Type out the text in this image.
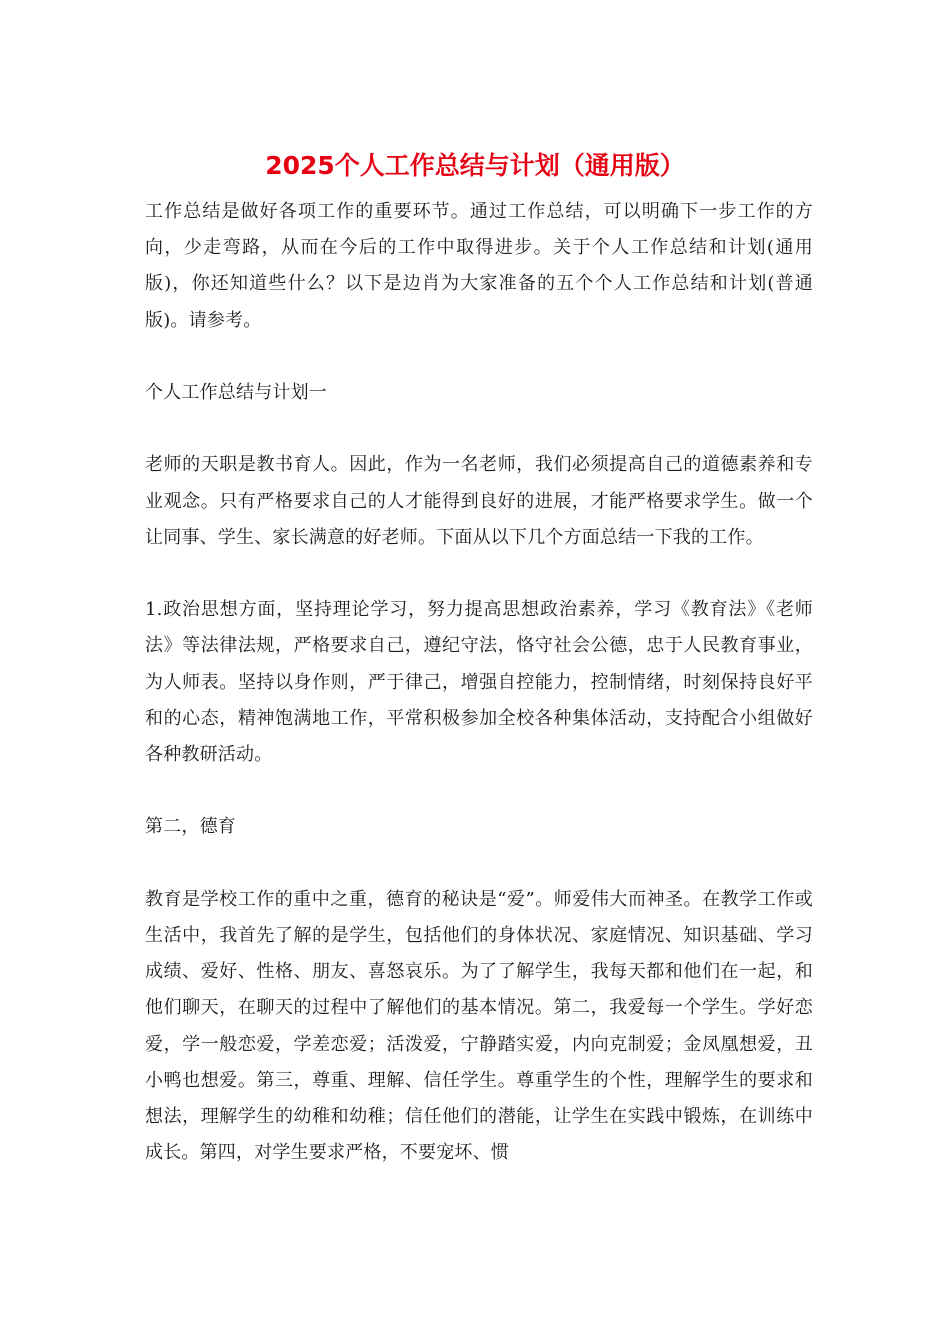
2025个人工作总结与计划（通用版）

工作总结是做好各项工作的重要环节。通过工作总结，可以明确下一步工作的方向，少走弯路，从而在今后的工作中取得进步。关于个人工作总结和计划(通用版)，你还知道些什么？以下是边肖为大家准备的五个个人工作总结和计划(普通版)。请参考。

个人工作总结与计划一

老师的天职是教书育人。因此，作为一名老师，我们必须提高自己的道德素养和专业观念。只有严格要求自己的人才能得到良好的进展，才能严格要求学生。做一个让同事、学生、家长满意的好老师。下面从以下几个方面总结一下我的工作。

1.政治思想方面，坚持理论学习，努力提高思想政治素养，学习《教育法》《老师法》等法律法规，严格要求自己，遵纪守法，恪守社会公德，忠于人民教育事业，为人师表。坚持以身作则，严于律己，增强自控能力，控制情绪，时刻保持良好平和的心态，精神饱满地工作，平常积极参加全校各种集体活动，支持配合小组做好各种教研活动。

第二，德育

教育是学校工作的重中之重，德育的秘诀是“爱”。师爱伟大而神圣。在教学工作或生活中，我首先了解的是学生，包括他们的身体状况、家庭情况、知识基础、学习成绩、爱好、性格、朋友、喜怒哀乐。为了了解学生，我每天都和他们在一起，和他们聊天，在聊天的过程中了解他们的基本情况。第二，我爱每一个学生。学好恋爱，学一般恋爱，学差恋爱；活泼爱，宁静踏实爱，内向克制爱；金凤凰想爱，丑小鸭也想爱。第三，尊重、理解、信任学生。尊重学生的个性，理解学生的要求和想法，理解学生的幼稚和幼稚；信任他们的潜能，让学生在实践中锻炼，在训练中成长。第四，对学生要求严格，不要宠坏、惯
